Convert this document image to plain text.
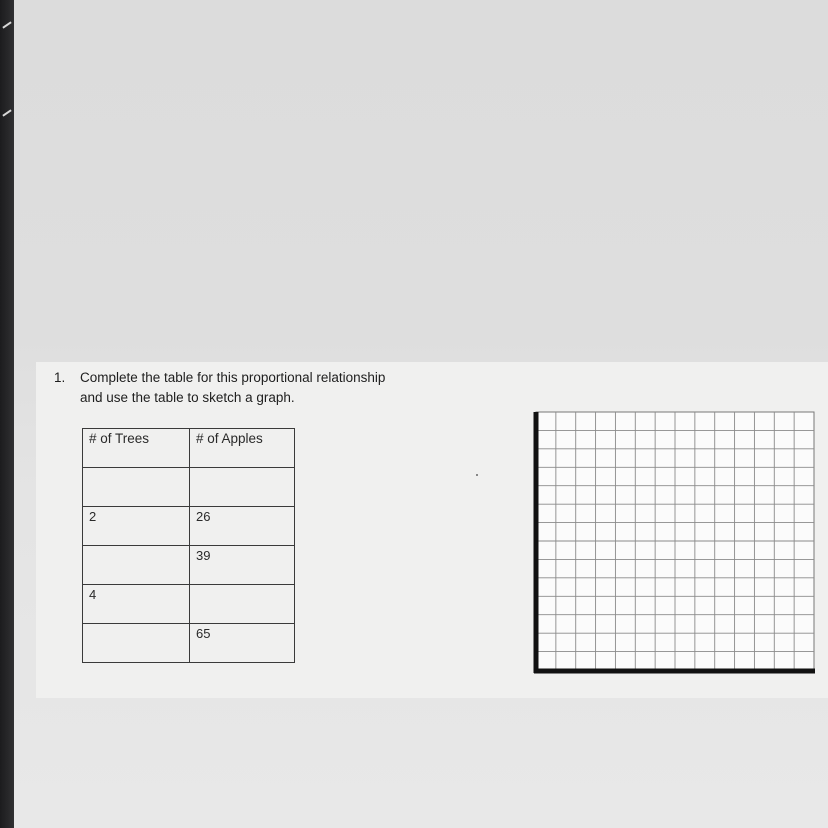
1. Complete the table for this proportional relationship
and use the table to sketch a graph.
# of Trees	# of Apples

2	26
	39
4	
	65
